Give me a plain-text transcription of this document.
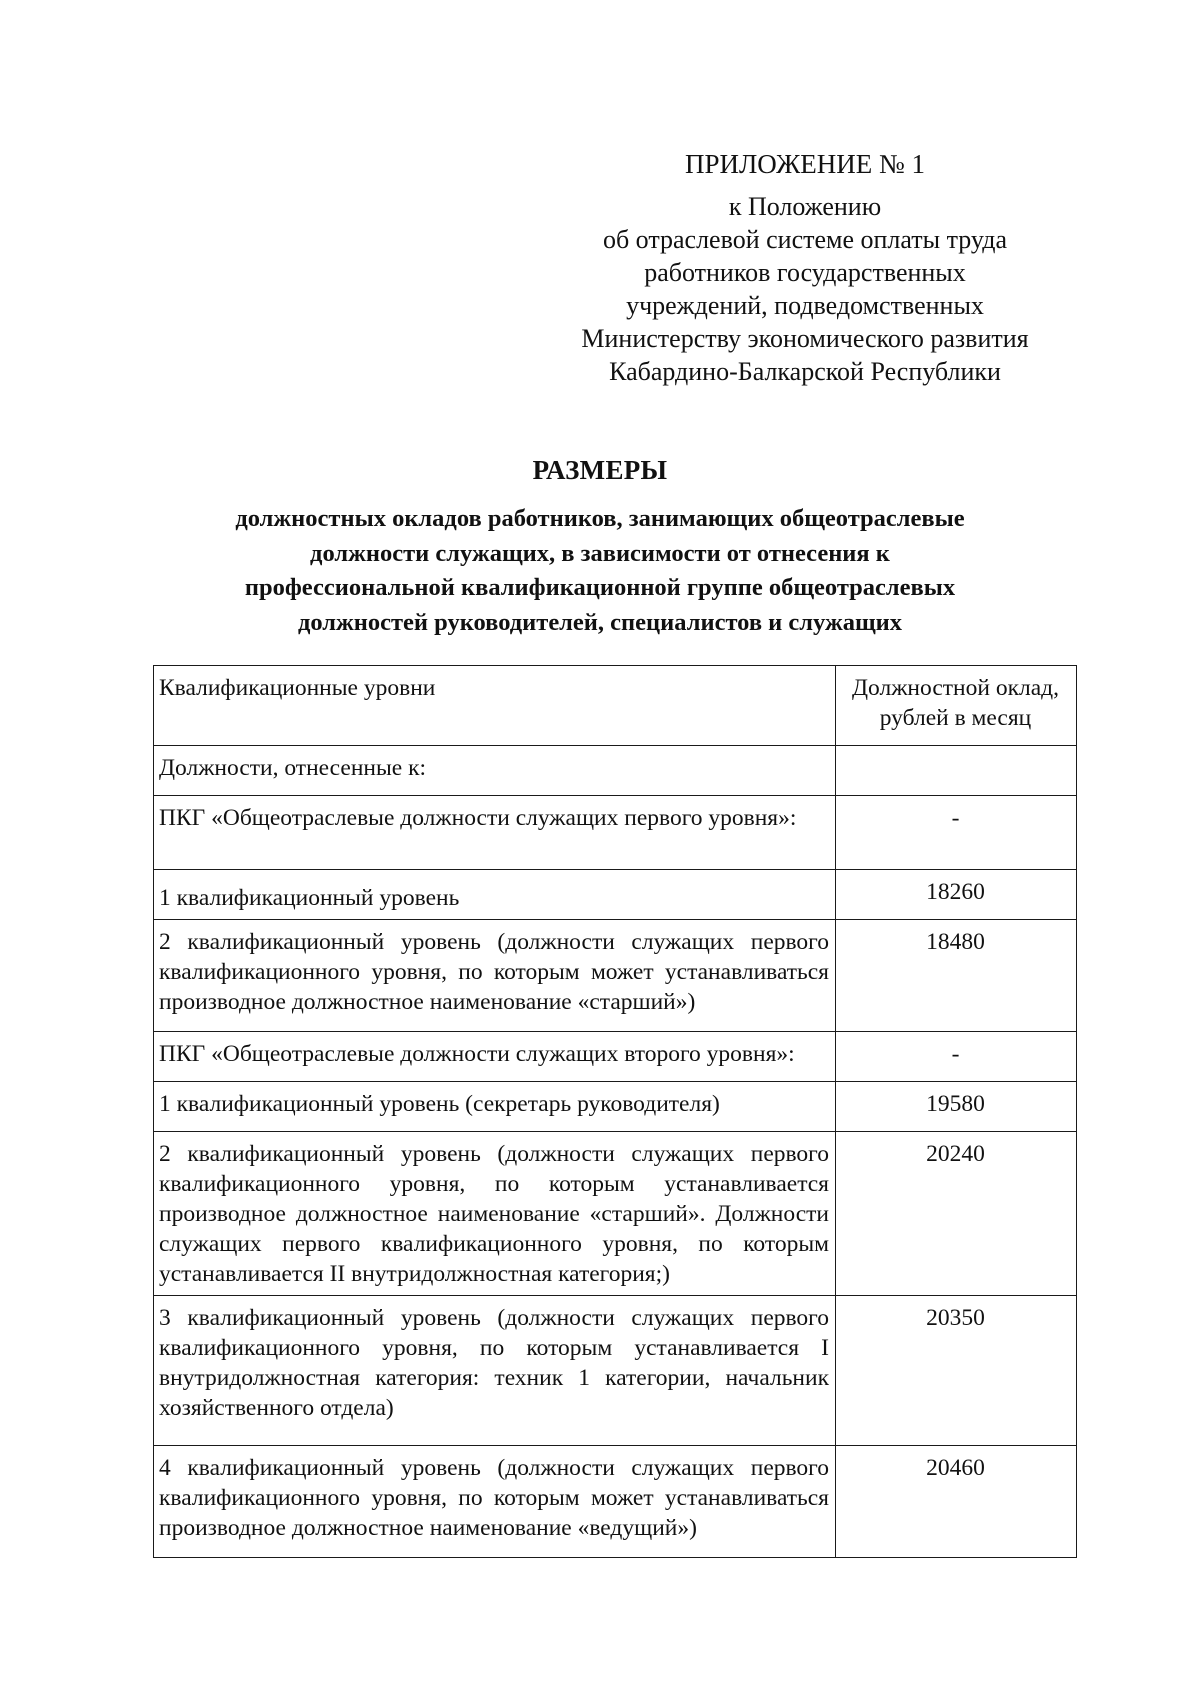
ПРИЛОЖЕНИЕ № 1
к Положению
об отраслевой системе оплаты труда
работников государственных
учреждений, подведомственных
Министерству экономического развития
Кабардино-Балкарской Республики
РАЗМЕРЫ
должностных окладов работников, занимающих общеотраслевые
должности служащих, в зависимости от отнесения к
профессиональной квалификационной группе общеотраслевых
должностей руководителей, специалистов и служащих
Квалификационные уровни	Должностной оклад,
рублей в месяц
Должности, отнесенные к:	
ПКГ «Общеотраслевые должности служащих первого уровня»:	-
1 квалификационный уровень	18260
2 квалификационный уровень (должности служащих первого квалификационного уровня, по которым может устанавливаться производное должностное наименование «старший»)	18480
ПКГ «Общеотраслевые должности служащих второго уровня»:	-
1 квалификационный уровень (секретарь руководителя)	19580
2 квалификационный уровень (должности служащих первого квалификационного уровня, по которым устанавливается производное должностное наименование «старший». Должности служащих первого квалификационного уровня, по которым устанавливается II внутридолжностная категория;)	20240
3 квалификационный уровень (должности служащих первого квалификационного уровня, по которым устанавливается I внутридолжностная категория: техник 1 категории, начальник хозяйственного отдела)	20350
4 квалификационный уровень (должности служащих первого квалификационного уровня, по которым может устанавливаться производное должностное наименование «ведущий»)	20460
